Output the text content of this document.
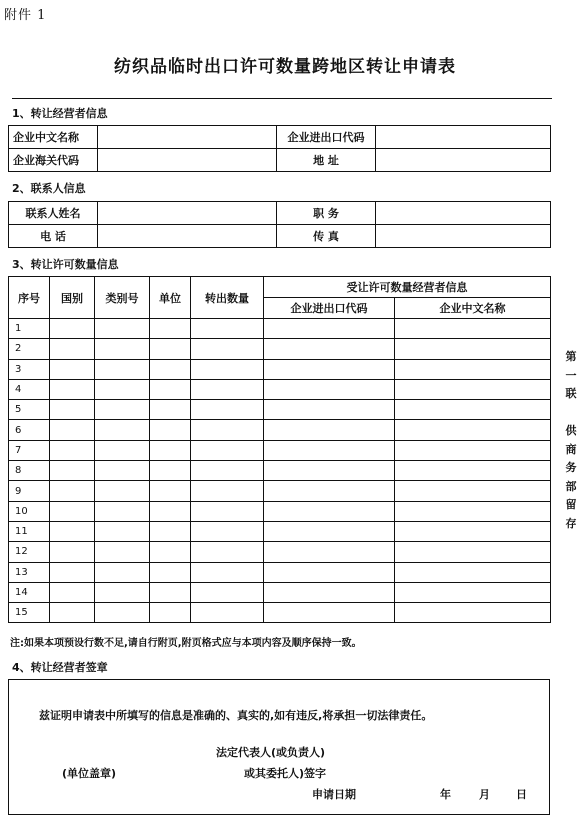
附件 1
纺织品临时出口许可数量跨地区转让申请表
1、转让经营者信息
企业中文名称		企业进出口代码	
企业海关代码		地 址	
2、联系人信息
联系人姓名		职 务	
电 话		传 真	
3、转让许可数量信息
序号	国别	类别号	单位	转出数量	受让许可数量经营者信息	
					企业进出口代码	企业中文名称
1						
2						
3						
4						
5						
6						
7						
8						
9						
10						
11						
12						
13						
14						
15						
注:如果本项预设行数不足,请自行附页,附页格式应与本项内容及顺序保持一致。
4、转让经营者签章
兹证明申请表中所填写的信息是准确的、真实的,如有违反,将承担一切法律责任。
法定代表人(或负责人)
(单位盖章)	或其委托人)签字
申请日期	年	月 日
第
一
联

供
商
务
部
留
存
